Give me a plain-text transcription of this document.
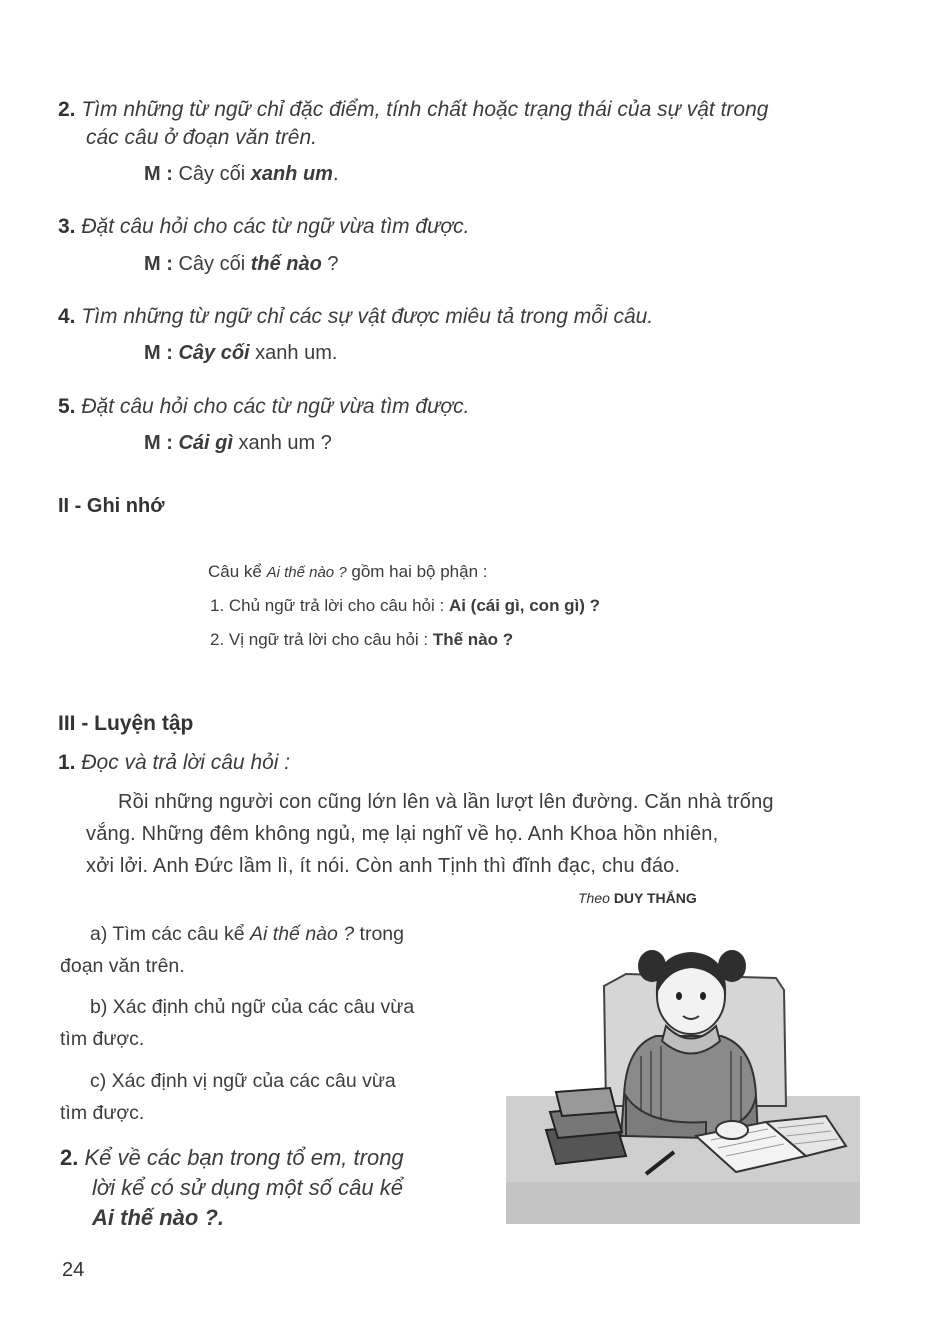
2. Tìm những từ ngữ chỉ đặc điểm, tính chất hoặc trạng thái của sự vật trong
các câu ở đoạn văn trên.
M : Cây cối xanh um.
3. Đặt câu hỏi cho các từ ngữ vừa tìm được.
M : Cây cối thế nào ?
4. Tìm những từ ngữ chỉ các sự vật được miêu tả trong mỗi câu.
M : Cây cối xanh um.
5. Đặt câu hỏi cho các từ ngữ vừa tìm được.
M : Cái gì xanh um ?
II - Ghi nhớ
Câu kể Ai thế nào ? gồm hai bộ phận :
1. Chủ ngữ trả lời cho câu hỏi : Ai (cái gì, con gì) ?
2. Vị ngữ trả lời cho câu hỏi : Thế nào ?
III - Luyện tập
1. Đọc và trả lời câu hỏi :
Rồi những người con cũng lớn lên và lần lượt lên đường. Căn nhà trống
vắng. Những đêm không ngủ, mẹ lại nghĩ về họ. Anh Khoa hồn nhiên,
xởi lởi. Anh Đức lầm lì, ít nói. Còn anh Tịnh thì đĩnh đạc, chu đáo.
Theo DUY THẮNG
a) Tìm các câu kể Ai thế nào ? trong
đoạn văn trên.
b) Xác định chủ ngữ của các câu vừa
tìm được.
c) Xác định vị ngữ của các câu vừa
tìm được.
2. Kể về các bạn trong tổ em, trong
lời kể có sử dụng một số câu kể
Ai thế nào ?.
24
